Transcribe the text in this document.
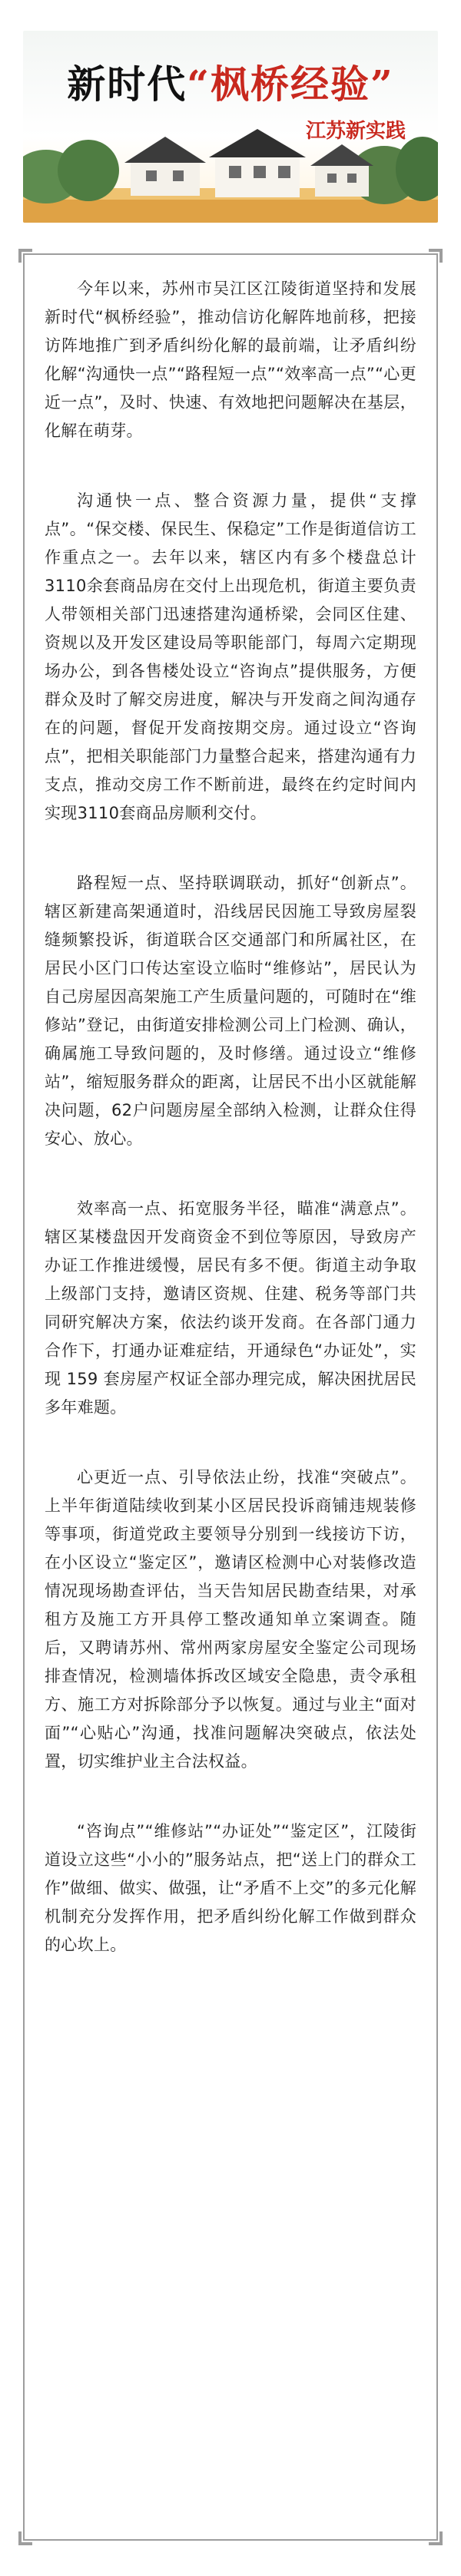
新时代“枫桥经验”
江苏新实践

今年以来，苏州市吴江区江陵街道坚持和发展新时代“枫桥经验”，推动信访化解阵地前移，把接访阵地推广到矛盾纠纷化解的最前端，让矛盾纠纷化解“沟通快一点”“路程短一点”“效率高一点”“心更近一点”，及时、快速、有效地把问题解决在基层，化解在萌芽。

沟通快一点、整合资源力量，提供“支撑点”。“保交楼、保民生、保稳定”工作是街道信访工作重点之一。去年以来，辖区内有多个楼盘总计3110余套商品房在交付上出现危机，街道主要负责人带领相关部门迅速搭建沟通桥梁，会同区住建、资规以及开发区建设局等职能部门，每周六定期现场办公，到各售楼处设立“咨询点”提供服务，方便群众及时了解交房进度，解决与开发商之间沟通存在的问题，督促开发商按期交房。通过设立“咨询点”，把相关职能部门力量整合起来，搭建沟通有力支点，推动交房工作不断前进，最终在约定时间内实现3110套商品房顺利交付。

路程短一点、坚持联调联动，抓好“创新点”。辖区新建高架通道时，沿线居民因施工导致房屋裂缝频繁投诉，街道联合区交通部门和所属社区，在居民小区门口传达室设立临时“维修站”，居民认为自己房屋因高架施工产生质量问题的，可随时在“维修站”登记，由街道安排检测公司上门检测、确认，确属施工导致问题的，及时修缮。通过设立“维修站”，缩短服务群众的距离，让居民不出小区就能解决问题，62户问题房屋全部纳入检测，让群众住得安心、放心。

效率高一点、拓宽服务半径，瞄准“满意点”。辖区某楼盘因开发商资金不到位等原因，导致房产办证工作推进缓慢，居民有多不便。街道主动争取上级部门支持，邀请区资规、住建、税务等部门共同研究解决方案，依法约谈开发商。在各部门通力合作下，打通办证难症结，开通绿色“办证处”，实现 159 套房屋产权证全部办理完成，解决困扰居民多年难题。

心更近一点、引导依法止纷，找准“突破点”。上半年街道陆续收到某小区居民投诉商铺违规装修等事项，街道党政主要领导分别到一线接访下访，在小区设立“鉴定区”，邀请区检测中心对装修改造情况现场勘查评估，当天告知居民勘查结果，对承租方及施工方开具停工整改通知单立案调查。随后，又聘请苏州、常州两家房屋安全鉴定公司现场排查情况，检测墙体拆改区域安全隐患，责令承租方、施工方对拆除部分予以恢复。通过与业主“面对面”“心贴心”沟通，找准问题解决突破点，依法处置，切实维护业主合法权益。

“咨询点”“维修站”“办证处”“鉴定区”，江陵街道设立这些“小小的”服务站点，把“送上门的群众工作”做细、做实、做强，让“矛盾不上交”的多元化解机制充分发挥作用，把矛盾纠纷化解工作做到群众的心坎上。
